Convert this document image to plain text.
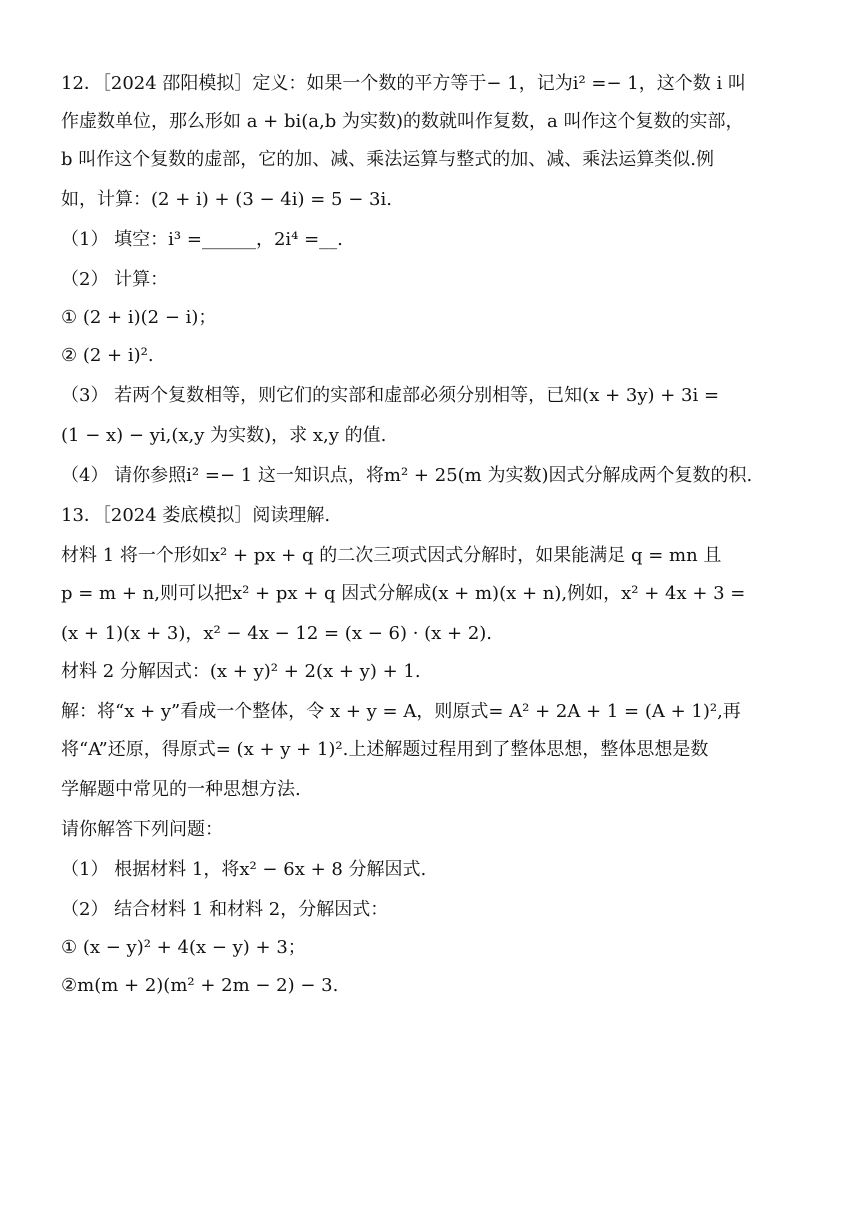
12．［2024 邵阳模拟］定义：如果一个数的平方等于− 1，记为i² =− 1，这个数 i 叫
作虚数单位，那么形如 a + bi(a,b 为实数)的数就叫作复数，a 叫作这个复数的实部，
b 叫作这个复数的虚部，它的加、减、乘法运算与整式的加、减、乘法运算类似.例
如，计算：(2 + i) + (3 − 4i) = 5 − 3i.
（1） 填空：i³ =______，2i⁴ =__.
（2） 计算：
① (2 + i)(2 − i)；
② (2 + i)².
（3） 若两个复数相等，则它们的实部和虚部必须分别相等，已知(x + 3y) + 3i =
(1 − x) − yi,(x,y 为实数)，求 x,y 的值.
（4） 请你参照i² =− 1 这一知识点，将m² + 25(m 为实数)因式分解成两个复数的积.
13．［2024 娄底模拟］阅读理解.
材料 1 将一个形如x² + px + q 的二次三项式因式分解时，如果能满足 q = mn 且
p = m + n,则可以把x² + px + q 因式分解成(x + m)(x + n),例如，x² + 4x + 3 =
(x + 1)(x + 3)，x² − 4x − 12 = (x − 6) · (x + 2).
材料 2 分解因式：(x + y)² + 2(x + y) + 1.
解：将“x + y”看成一个整体，令 x + y = A，则原式= A² + 2A + 1 = (A + 1)²,再
将“A”还原，得原式= (x + y + 1)².上述解题过程用到了整体思想，整体思想是数
学解题中常见的一种思想方法.
请你解答下列问题：
（1） 根据材料 1，将x² − 6x + 8 分解因式.
（2） 结合材料 1 和材料 2，分解因式：
① (x − y)² + 4(x − y) + 3；
②m(m + 2)(m² + 2m − 2) − 3.
